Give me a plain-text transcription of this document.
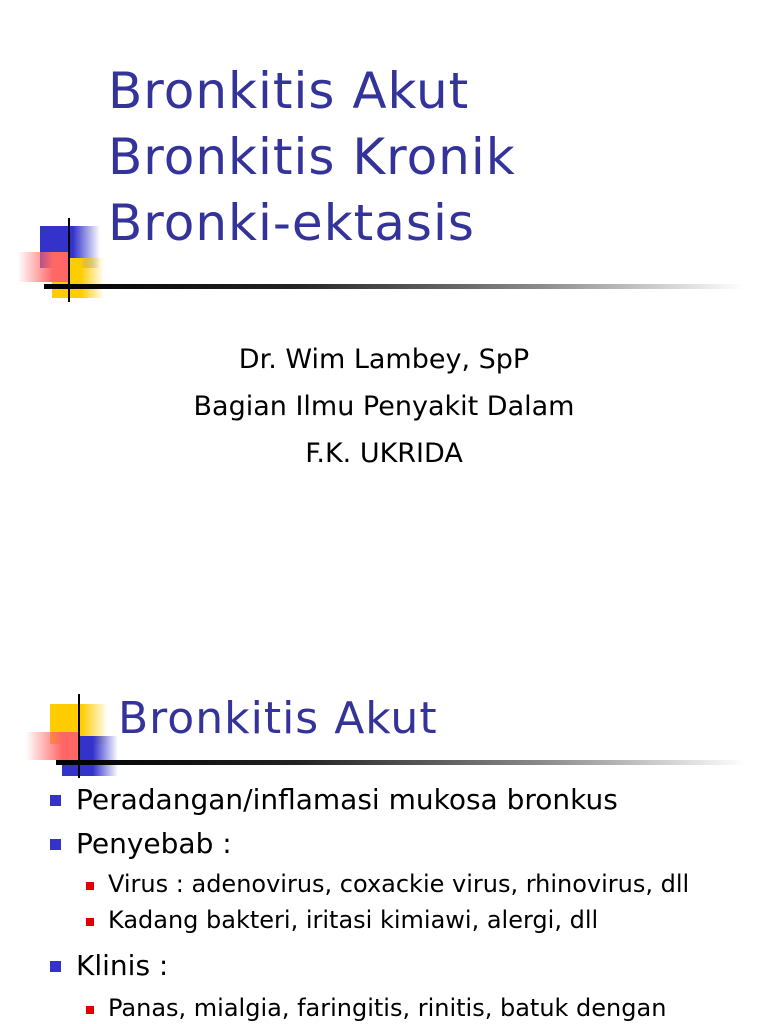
Bronkitis Akut
Bronkitis Kronik
Bronki-ektasis
Dr. Wim Lambey, SpP
Bagian Ilmu Penyakit Dalam
F.K. UKRIDA
Bronkitis Akut
Peradangan/inflamasi mukosa bronkus
Penyebab :
Virus : adenovirus, coxackie virus, rhinovirus, dll
Kadang bakteri, iritasi kimiawi, alergi, dll
Klinis :
Panas, mialgia, faringitis, rinitis, batuk dengan
